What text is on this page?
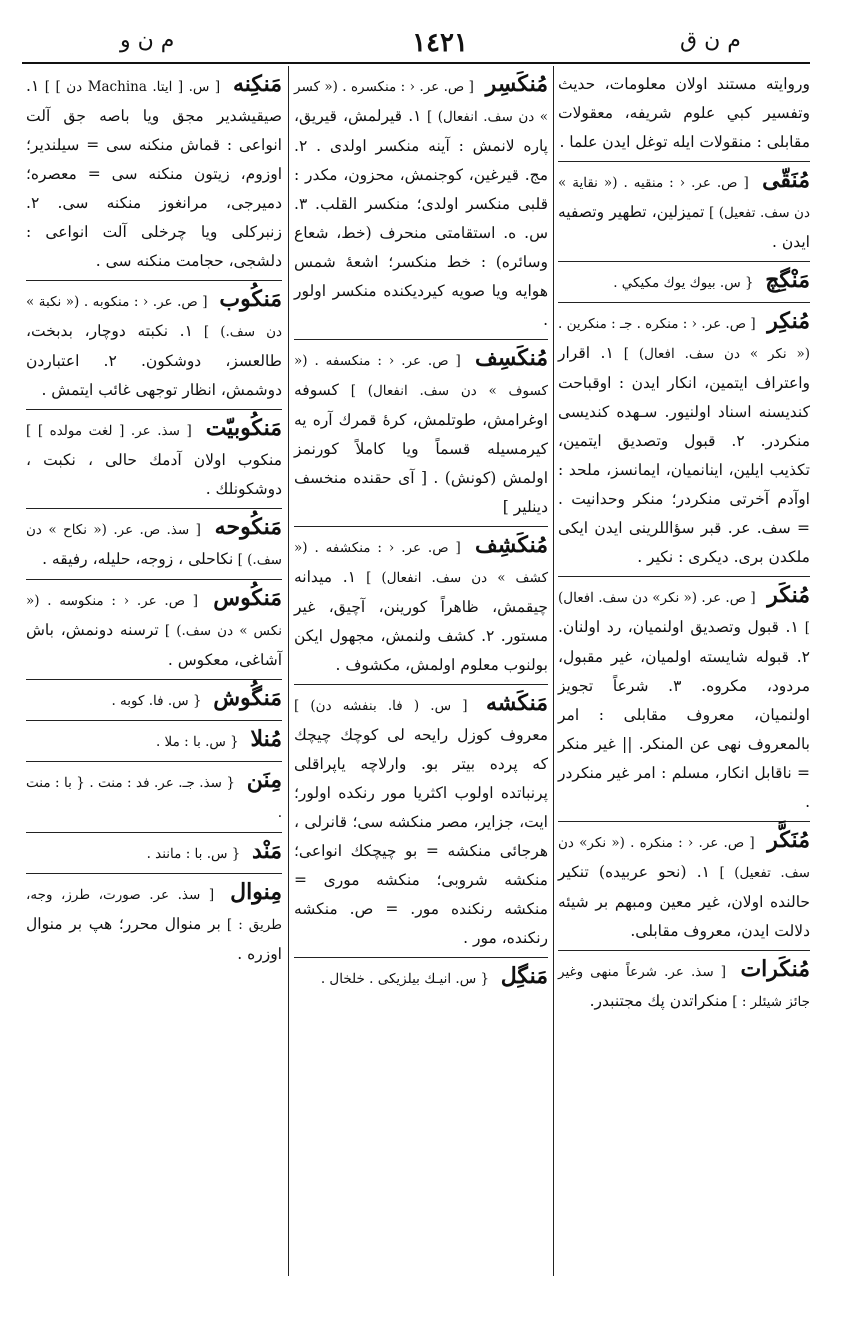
م ن و	١٤٢١	م ن ق
وروايته مستند اولان معلومات، حديث وتفسير كبي علوم شريفه، معقولات مقابلى : منقولات ايله توغل ايدن علما .
مُنَقّى [ ص. عر. ‹ : منقيه . (« نقاية » دن سف. تفعيل) ] تميزلين، تطهير وتصفيه ايدن .
مَنْگِچ { س. بيوك يوك مكيكي .
مُنكِر [ ص. عر. ‹ : منكره . جـ : منكرين . (« نكر » دن سف. افعال) ] ١. اقرار واعتراف ايتمين، انكار ايدن : اوقباحت كنديسنه اسناد اولنيور. سـهده كنديسى منكردر. ٢. قبول وتصديق ايتمين، تكذيب ايلين، اينانميان، ايمانسز، ملحد : اوآدم آخرتى منكردر؛ منكر وحدانيت . = سف. عر. قبر سؤاللرينى ايدن ايكى ملكدن برى. ديكرى : نكير .
مُنكَر [ ص. عر. (« نكر» دن سف. افعال) ] ١. قبول وتصديق اولنميان، رد اولنان. ٢. قبوله شايسته اولميان، غير مقبول، مردود، مكروه. ٣. شرعاً تجويز اولنميان، معروف مقابلى : امر بالمعروف نهى عن المنكر. || غير منكر = ناقابل انكار، مسلم : امر غير منكردر .
مُنَكَّر [ ص. عر. ‹ : منكره . (« نكر» دن سف. تفعيل) ] ١. (نحو عربيده) تنكير حالنده اولان، غير معين ومبهم بر شيئه دلالت ايدن، معروف مقابلى.
مُنكَرات [ سذ. عر. شرعاً منهى وغير جائز شيئلر : ] منكراتدن پك مجتنبدر.
مُنكَسِر [ ص. عر. ‹ : منكسره . (« كسر » دن سف. انفعال) ] ١. قيرلمش، قيريق، پاره لانمش : آينه منكسر اولدى . ٢. مج. قيرغين، كوجنمش، محزون، مكدر : قلبى منكسر اولدى؛ منكسر القلب. ٣. س. ه. استقامتى منحرف (خط، شعاع وسائره) : خط منكسر؛ اشعهٔ شمس هوايه ويا صويه كيرديكنده منكسر اولور .
مُنكَسِف [ ص. عر. ‹ : منكسفه . (« كسوف » دن سف. انفعال) ] كسوفه اوغرامش، طوتلمش، كرهٔ قمرك آره يه كيرمسيله قسماً ويا كاملاً كورنمز اولمش (كونش) . [ آى حقنده منخسف دينلير ]
مُنكَشِف [ ص. عر. ‹ : منكشفه . (« كشف » دن سف. انفعال) ] ١. ميدانه چيقمش، ظاهراً كورينن، آچيق، غير مستور. ٢. كشف ولنمش، مجهول ايكن بولنوب معلوم اولمش، مكشوف .
مَنكَشه [ س. ( فا. بنفشه دن) ] معروف كوزل رايحه لى كوچك چيچك كه پرده بيتر بو. وارلاچه ياپراقلى پرنباتده اولوب اكثريا مور رنكده اولور؛ ايت، جزاير، مصر منكشه سى؛ قانرلى ، هرجائى منكشه = بو چيچكك انواعى؛ منكشه شروبى؛ منكشه مورى = منكشه رنكنده مور. = ص. منكشه رنكنده، مور .
مَنگِل { س. انيـك بيلزيكى . خلخال .
مَنكِنه [ س. [ ايتا. Machina دن ] ] ١. صيقيشدير مجق ويا باصه جق آلت انواعى : قماش منكنه سى = سيلندير؛ اوزوم، زيتون منكنه سى = معصره؛ دميرجى، مرانغوز منكنه سى. ٢. زنبركلى ويا چرخلى آلت انواعى : دلشجى، حجامت منكنه سى .
مَنكُوب [ ص. عر. ‹ : منكوبه . (« نكبة » دن سف.) ] ١. نكبته دوچار، بدبخت، طالعسز، دوشكون. ٢. اعتباردن دوشمش، انظار توجهى غائب ايتمش .
مَنكُوبيّت [ سذ. عر. [ لغت مولده ] ] منكوب اولان آدمك حالى ، نكبت ، دوشكونلك .
مَنكُوحه [ سذ. ص. عر. (« نكاح » دن سف.) ] نكاحلى ، زوجه، حليله، رفيقه .
مَنكُوس [ ص. عر. ‹ : منكوسه . (« نكس » دن سف.) ] ترسنه دونمش، باش آشاغى، معكوس .
مَنگُوش { س. فا. كوبه .
مُنلا { س. با : ملا .
مِنَن { سذ. جـ. عر. فد : منت . { با : منت .
مَنْد { س. با : مانند .
مِنوال [ سذ. عر. صورت، طرز، وجه، طريق : ] بر منوال محرر؛ هپ بر منوال اوزره .
